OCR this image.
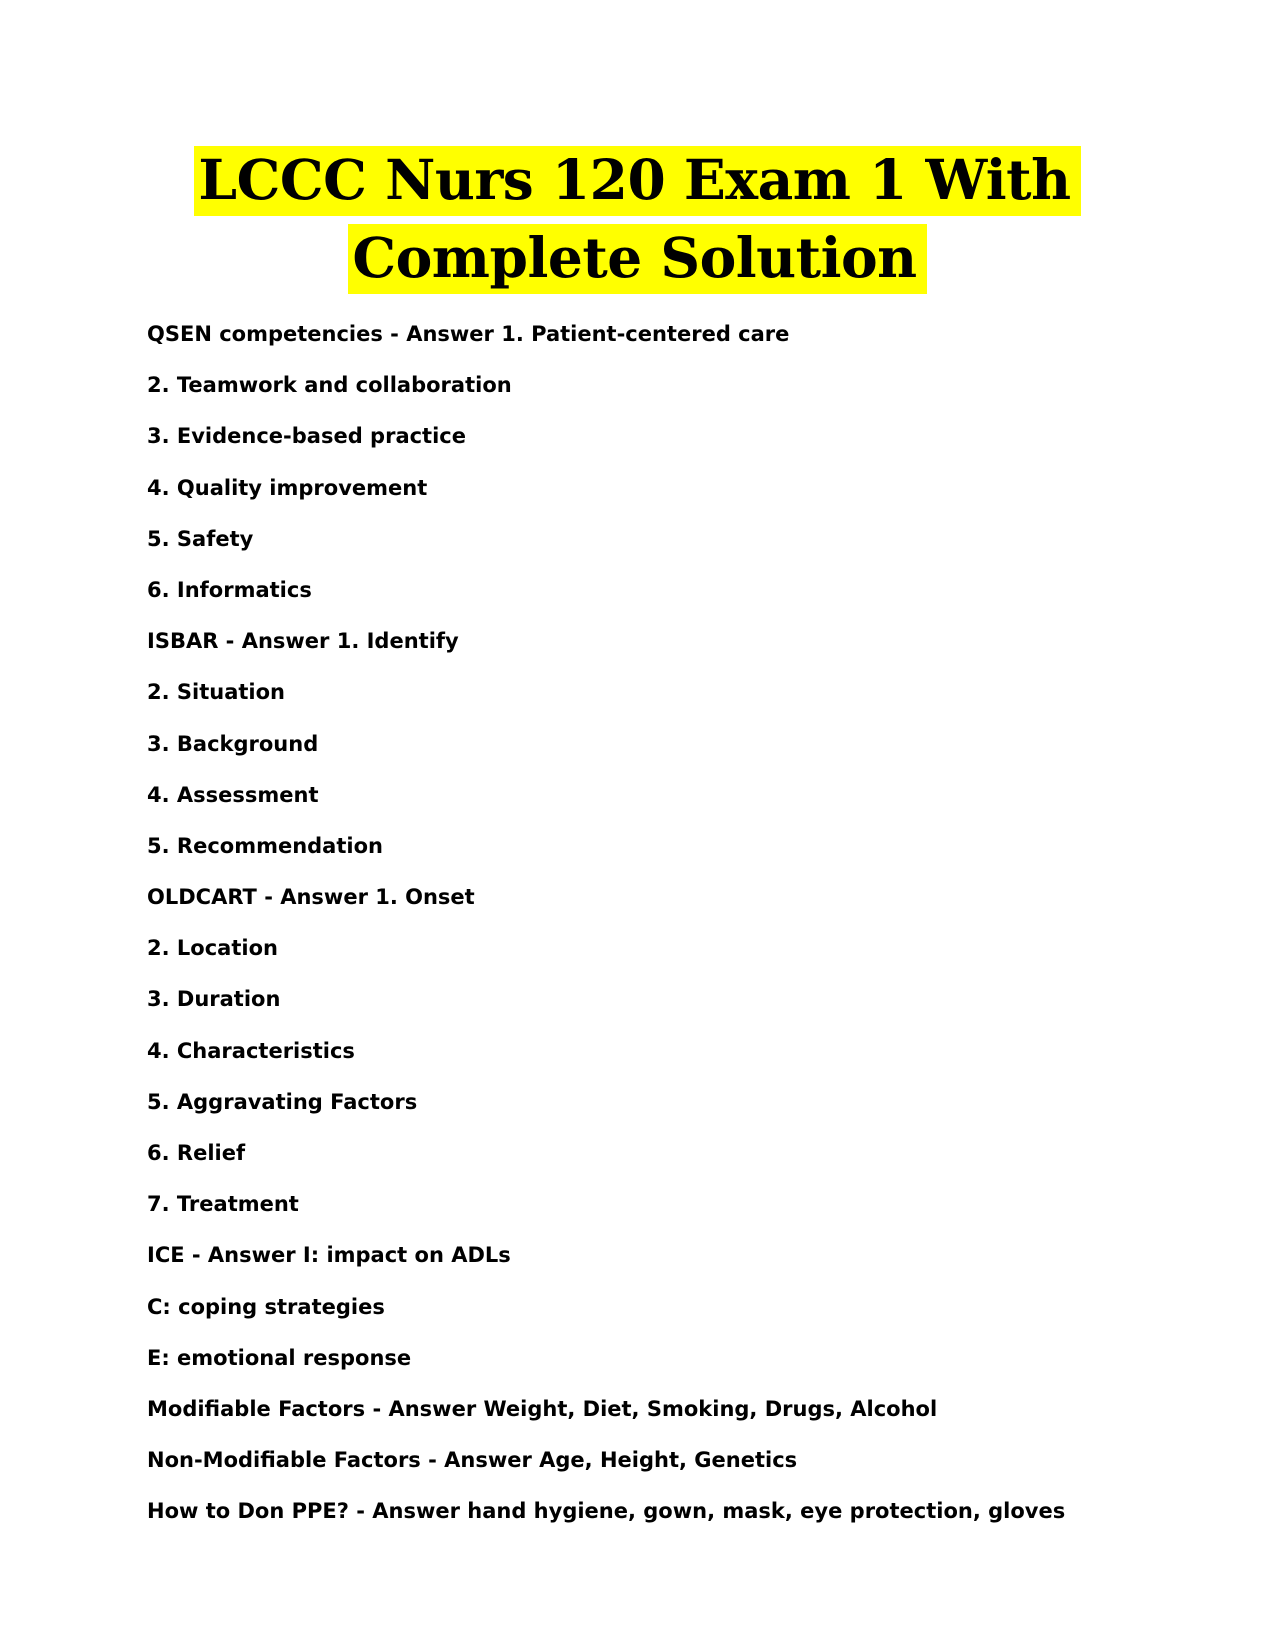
LCCC Nurs 120 Exam 1 With
Complete Solution
QSEN competencies - Answer 1. Patient-centered care
2. Teamwork and collaboration
3. Evidence-based practice
4. Quality improvement
5. Safety
6. Informatics
ISBAR - Answer 1. Identify
2. Situation
3. Background
4. Assessment
5. Recommendation
OLDCART - Answer 1. Onset
2. Location
3. Duration
4. Characteristics
5. Aggravating Factors
6. Relief
7. Treatment
ICE - Answer I: impact on ADLs
C: coping strategies
E: emotional response
Modifiable Factors - Answer Weight, Diet, Smoking, Drugs, Alcohol
Non-Modifiable Factors - Answer Age, Height, Genetics
How to Don PPE? - Answer hand hygiene, gown, mask, eye protection, gloves
